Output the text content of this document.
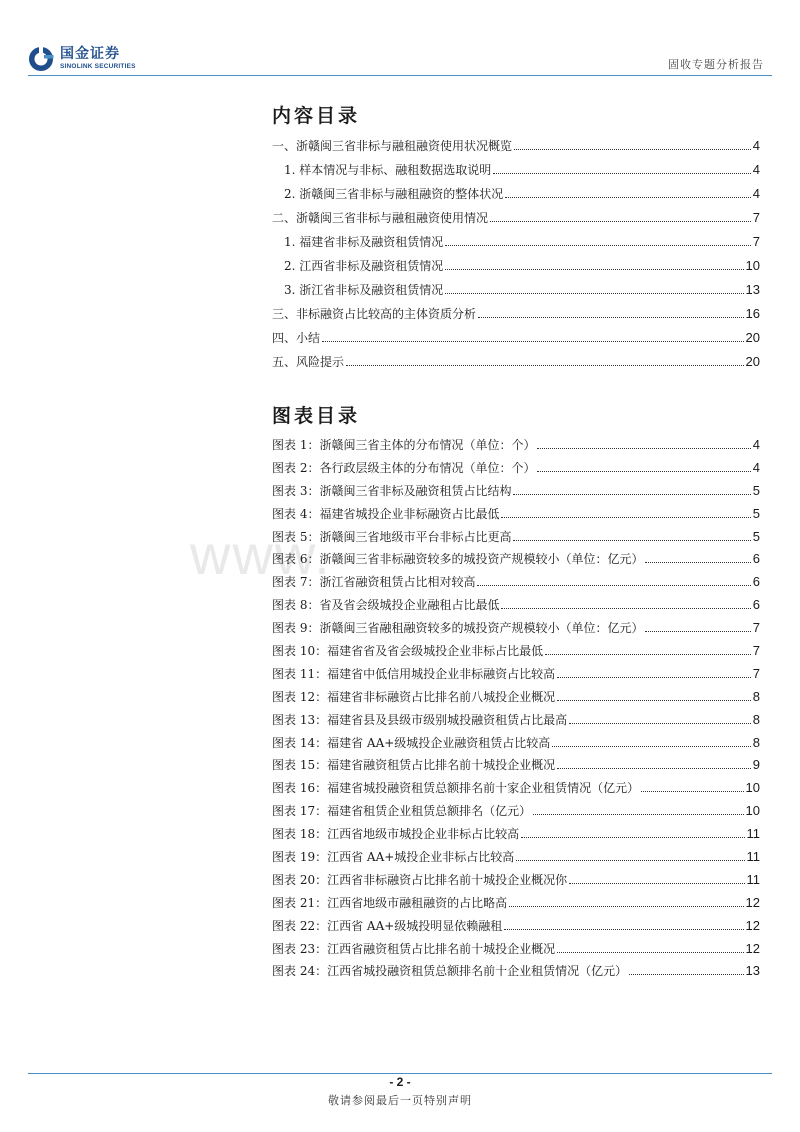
国金证券
SINOLINK SECURITIES	固收专题分析报告
www.
内容目录
一、浙赣闽三省非标与融租融资使用状况概览	4
1. 样本情况与非标、融租数据选取说明	4
2. 浙赣闽三省非标与融租融资的整体状况	4
二、浙赣闽三省非标与融租融资使用情况	7
1. 福建省非标及融资租赁情况	7
2. 江西省非标及融资租赁情况	10
3. 浙江省非标及融资租赁情况	13
三、非标融资占比较高的主体资质分析	16
四、小结	20
五、风险提示	20
图表目录
图表 1：浙赣闽三省主体的分布情况（单位：个）	4
图表 2：各行政层级主体的分布情况（单位：个）	4
图表 3：浙赣闽三省非标及融资租赁占比结构	5
图表 4：福建省城投企业非标融资占比最低	5
图表 5：浙赣闽三省地级市平台非标占比更高	5
图表 6：浙赣闽三省非标融资较多的城投资产规模较小（单位：亿元）	6
图表 7：浙江省融资租赁占比相对较高	6
图表 8：省及省会级城投企业融租占比最低	6
图表 9：浙赣闽三省融租融资较多的城投资产规模较小（单位：亿元）	7
图表 10：福建省省及省会级城投企业非标占比最低	7
图表 11：福建省中低信用城投企业非标融资占比较高	7
图表 12：福建省非标融资占比排名前八城投企业概况	8
图表 13：福建省县及县级市级别城投融资租赁占比最高	8
图表 14：福建省 AA+级城投企业融资租赁占比较高	8
图表 15：福建省融资租赁占比排名前十城投企业概况	9
图表 16：福建省城投融资租赁总额排名前十家企业租赁情况（亿元）	10
图表 17：福建省租赁企业租赁总额排名（亿元）	10
图表 18：江西省地级市城投企业非标占比较高	11
图表 19：江西省 AA+城投企业非标占比较高	11
图表 20：江西省非标融资占比排名前十城投企业概况你	11
图表 21：江西省地级市融租融资的占比略高	12
图表 22：江西省 AA+级城投明显依赖融租	12
图表 23：江西省融资租赁占比排名前十城投企业概况	12
图表 24：江西省城投融资租赁总额排名前十企业租赁情况（亿元）	13
- 2 -
敬请参阅最后一页特别声明
